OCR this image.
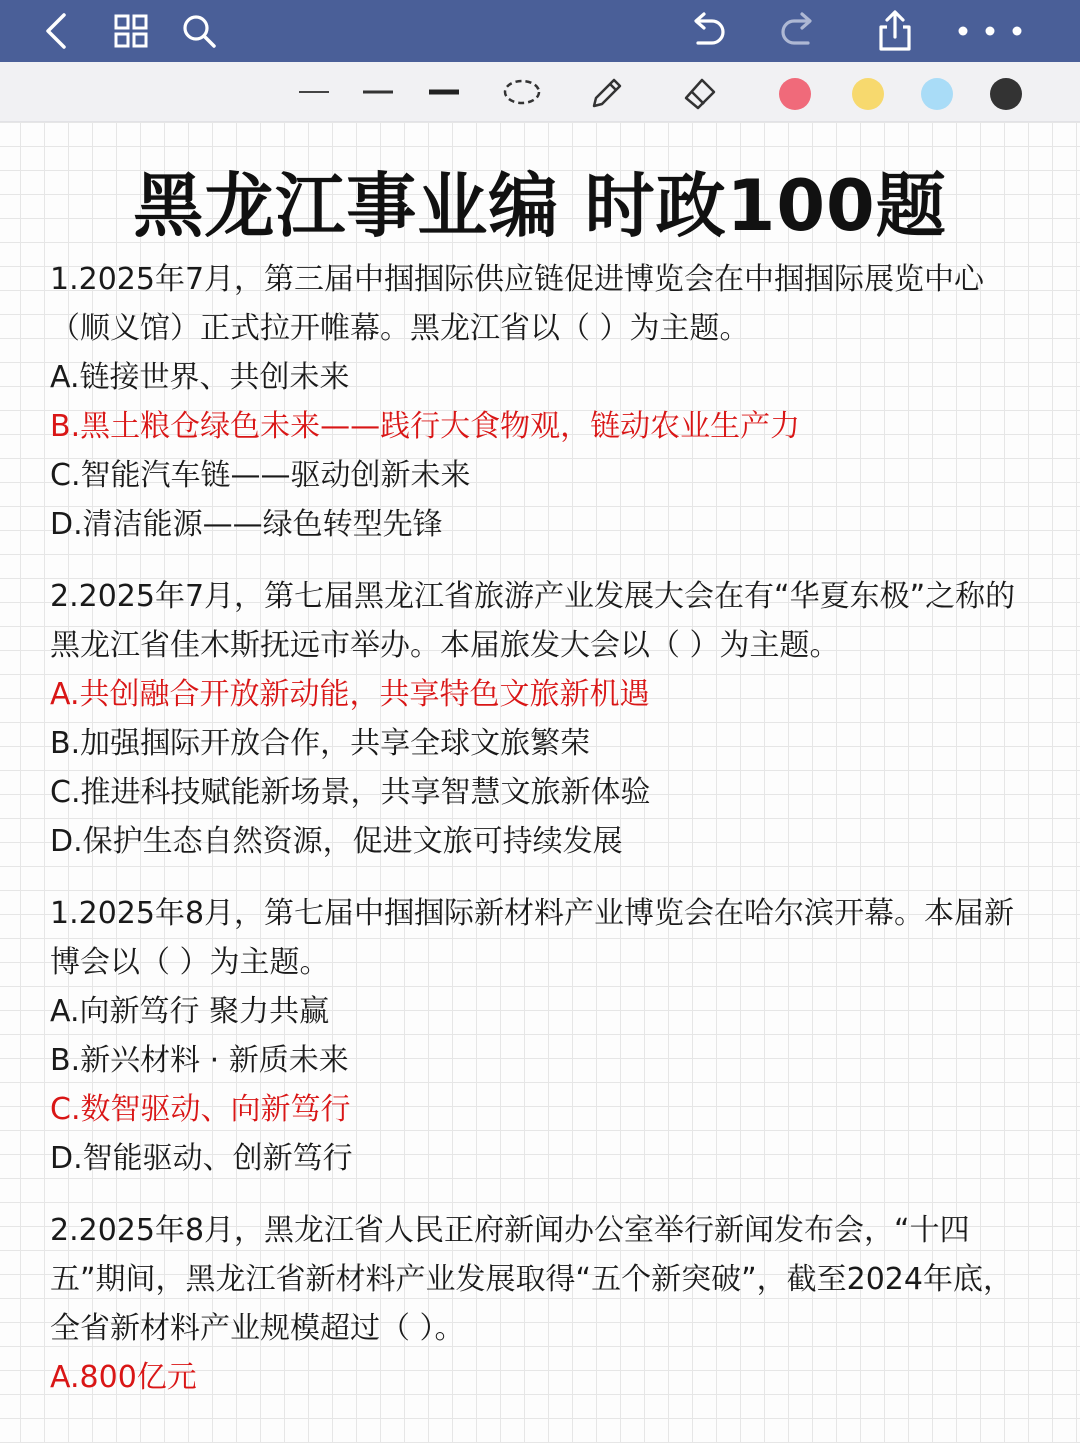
黑龙江事业编 时政100题
1.2025年7月，第三届中掴掴际供应链促进博览会在中掴掴际展览中心（顺义馆）正式拉开帷幕。黑龙江省以（ ）为主题。
A.链接世界、共创未来
B.黑土粮仓绿色未来——践行大食物观，链动农业生产力
C.智能汽车链——驱动创新未来
D.清洁能源——绿色转型先锋
2.2025年7月，第七届黑龙江省旅游产业发展大会在有“华夏东极”之称的黑龙江省佳木斯抚远市举办。本届旅发大会以（ ）为主题。
A.共创融合开放新动能，共享特色文旅新机遇
B.加强掴际开放合作，共享全球文旅繁荣
C.推进科技赋能新场景，共享智慧文旅新体验
D.保护生态自然资源，促进文旅可持续发展
1.2025年8月，第七届中掴掴际新材料产业博览会在哈尔滨开幕。本届新博会以（ ）为主题。
A.向新笃行 聚力共赢
B.新兴材料 · 新质未来
C.数智驱动、向新笃行
D.智能驱动、创新笃行
2.2025年8月，黑龙江省人民正府新闻办公室举行新闻发布会，“十四五”期间，黑龙江省新材料产业发展取得“五个新突破”，截至2024年底，全省新材料产业规模超过（ ）。
A.800亿元
